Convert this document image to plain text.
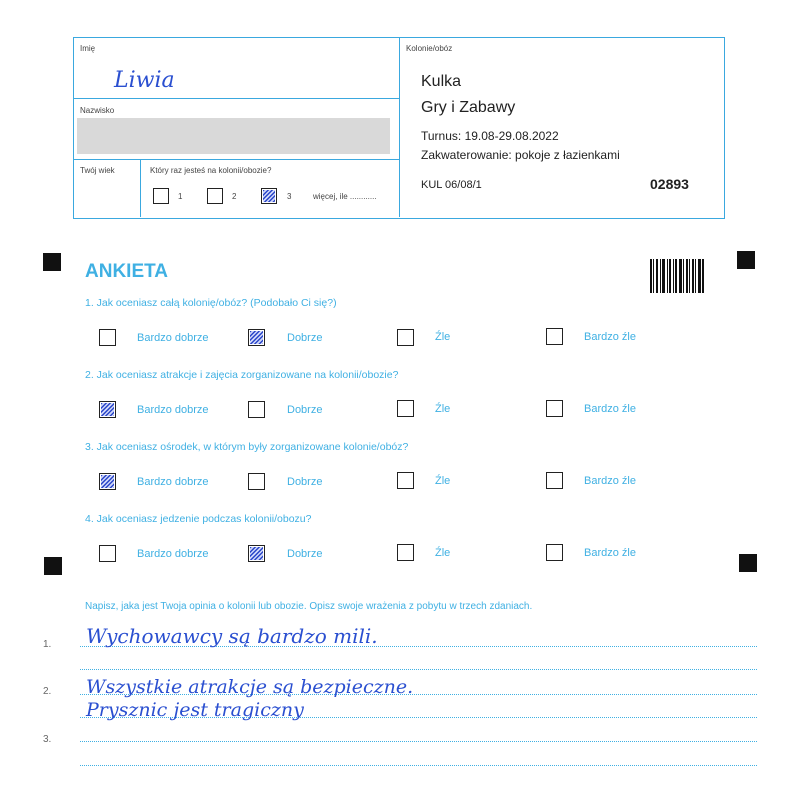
Imię
Liwia
Nazwisko
Twój wiek	Który raz jesteś na kolonii/obozie?
1	2	3	więcej, ile ............
Kolonie/obóz
Kulka
Gry i Zabawy
Turnus: 19.08-29.08.2022
Zakwaterowanie: pokoje z łazienkami
KUL 06/08/1	02893
ANKIETA
1. Jak oceniasz całą kolonię/obóz? (Podobało Ci się?)
Bardzo dobrze	Dobrze	Źle	Bardzo źle
2. Jak oceniasz atrakcje i zajęcia zorganizowane na kolonii/obozie?
Bardzo dobrze	Dobrze	Źle	Bardzo źle
3. Jak oceniasz ośrodek, w którym były zorganizowane kolonie/obóz?
Bardzo dobrze	Dobrze	Źle	Bardzo źle
4. Jak oceniasz jedzenie podczas kolonii/obozu?
Bardzo dobrze	Dobrze	Źle	Bardzo źle
Napisz, jaka jest Twoja opinia o kolonii lub obozie. Opisz swoje wrażenia z pobytu w trzech zdaniach.
1.
2.
3.
Wychowawcy są bardzo mili.
Wszystkie atrakcje są bezpieczne.
Prysznic jest tragiczny
